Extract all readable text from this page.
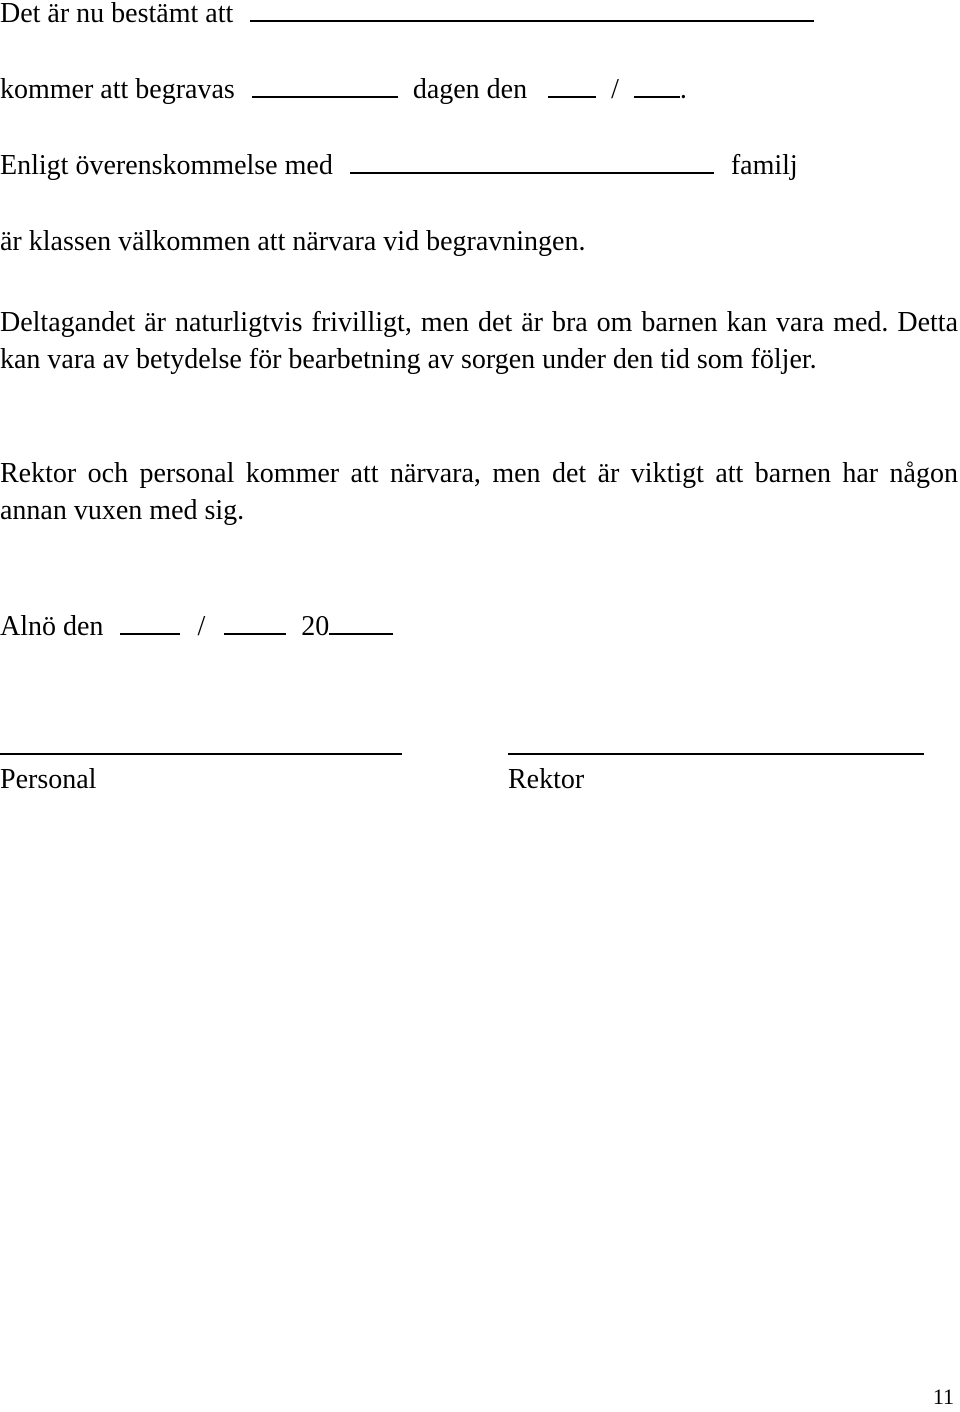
Det är nu bestämt att
kommer att begravas	dagen den	/ .
Enligt överenskommelse med	familj
är klassen välkommen att närvara vid begravningen.
Deltagandet är naturligtvis frivilligt, men det är bra om barnen kan vara med. Detta kan vara av betydelse för bearbetning av sorgen under den tid som följer.
Rektor och personal kommer att närvara, men det är viktigt att barnen har någon annan vuxen med sig.
Alnö den	/	20
Personal	Rektor
11
